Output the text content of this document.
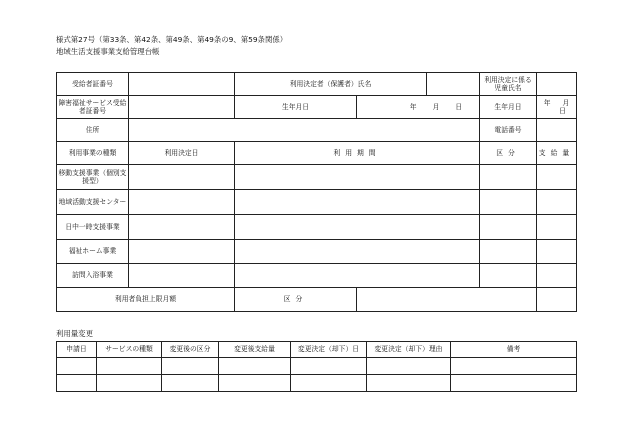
様式第27号（第33条、第42条、第49条、第49条の9、第59条関係）
地域生活支援事業支給管理台帳
受給者証番号		利用決定者（保護者）氏名			利用決定に係る児童氏名	
障害福祉サービス受給者証番号		生年月日	年 月 日		生年月日	年 月日
住所					電話番号	
利用事業の種類	利用決定日	利用期間			区分	支給量
移動支援事業（個別支援型）						
地域活動支援センター						
日中一時支援事業						
福祉ホーム事業						
訪問入浴事業						
利用者負担上限月額		区分				
利用量変更
申請日	サービスの種類	変更後の区分	変更後支給量	変更決定（却下）日	変更決定（却下）理由	備考
